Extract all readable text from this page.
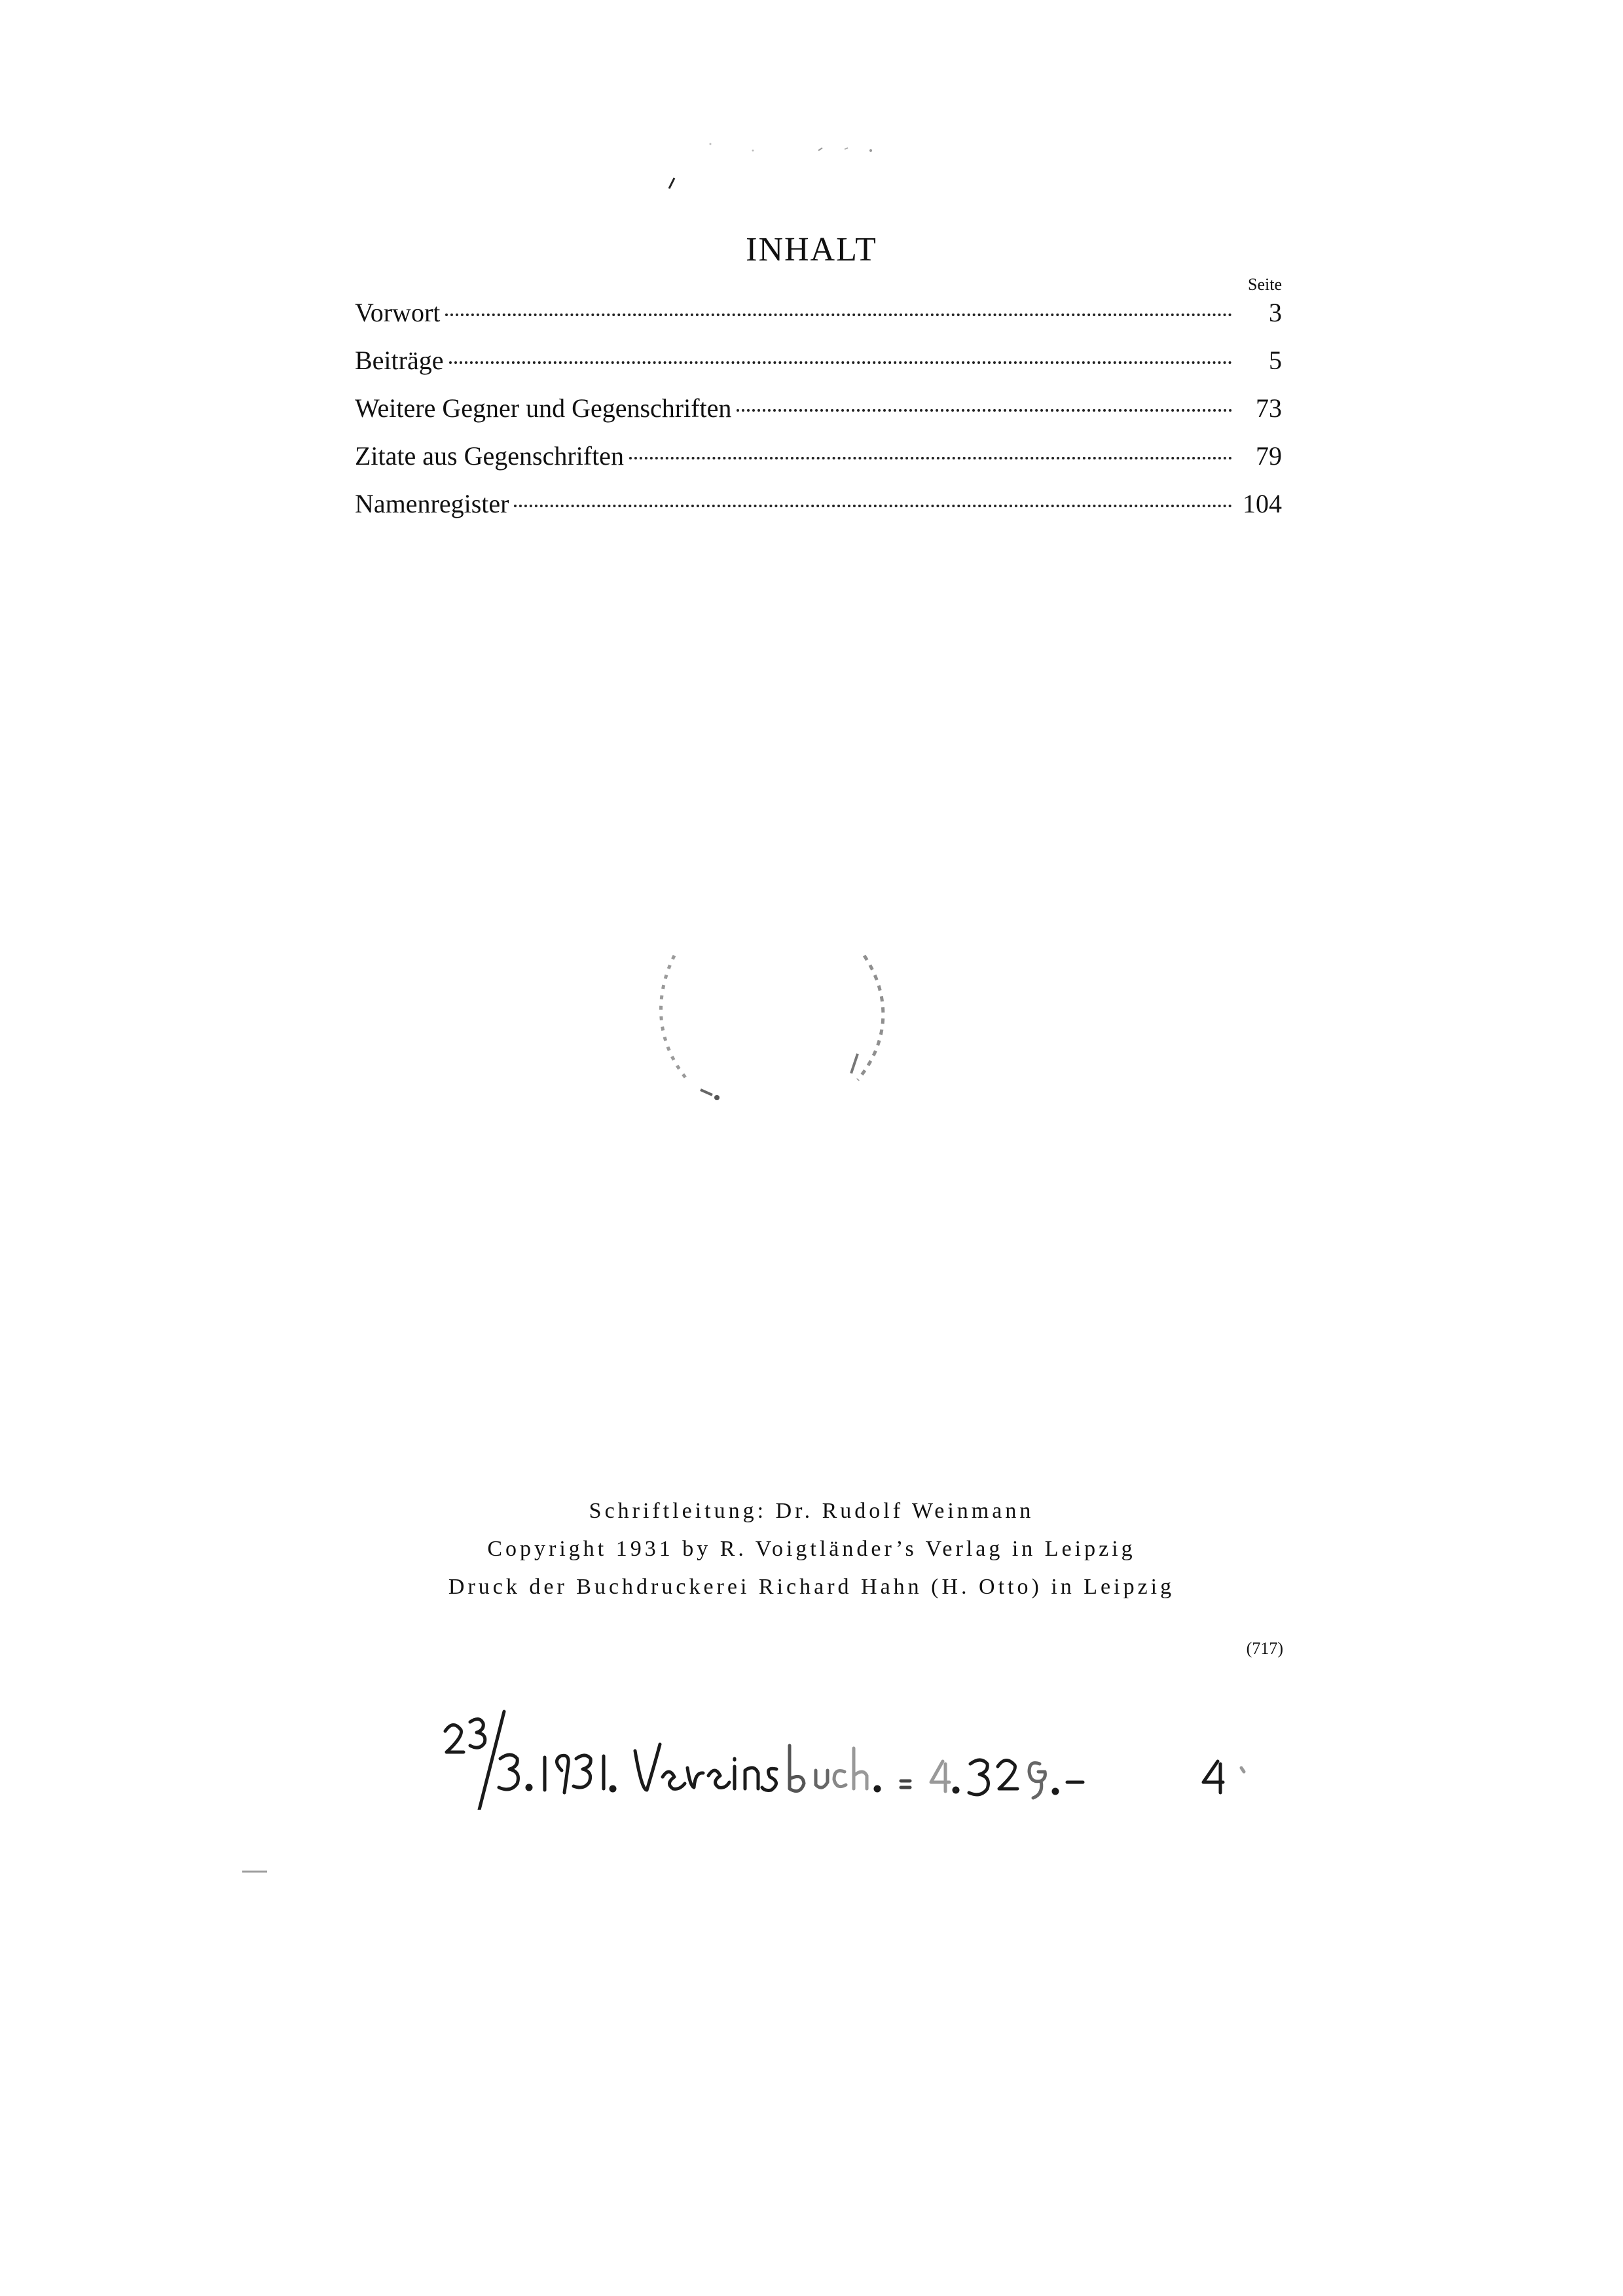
INHALT
Seite
Vorwort	3
Beiträge	5
Weitere Gegner und Gegenschriften	73
Zitate aus Gegenschriften	79
Namenregister	104

Schriftleitung: Dr. Rudolf Weinmann

Copyright 1931 by R. Voigtländer’s Verlag in Leipzig

Druck der Buchdruckerei Richard Hahn (H. Otto) in Leipzig

(717)
